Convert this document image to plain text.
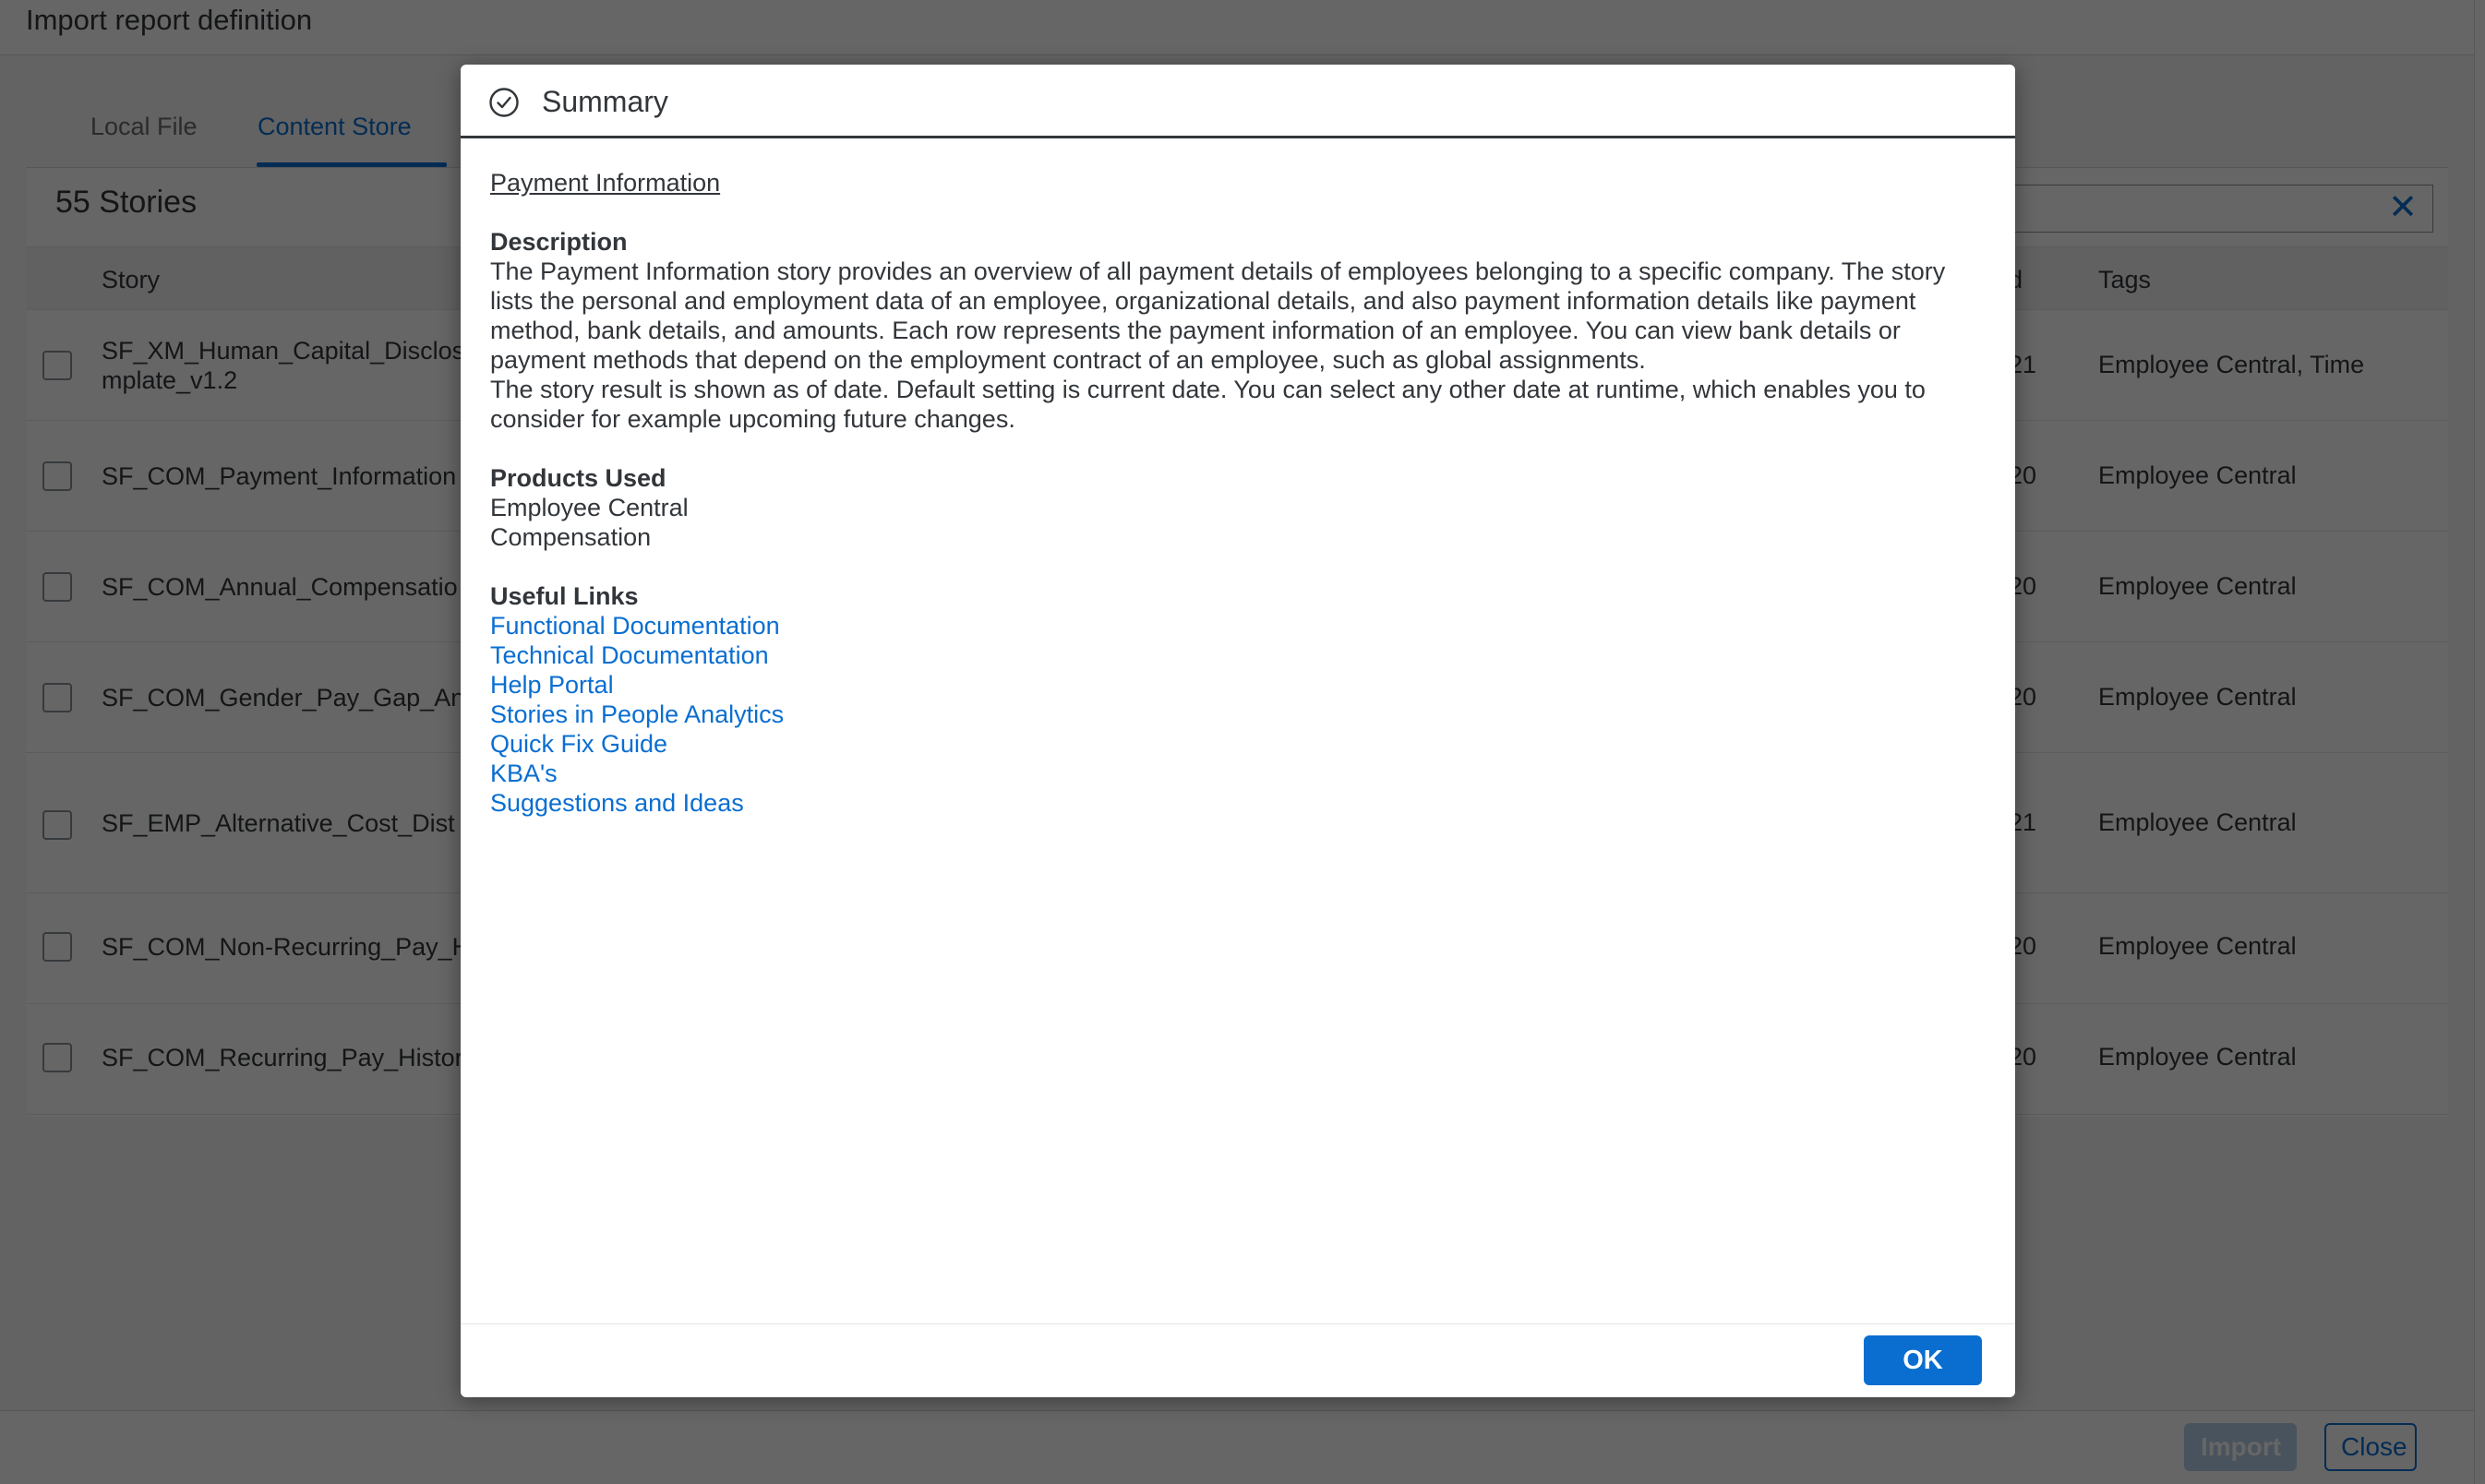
Summary
Payment Information
Description
The Payment Information story provides an overview of all payment details of employees belonging to a specific company. The story lists the personal and employment data of an employee, organizational details, and also payment information details like payment method, bank details, and amounts. Each row represents the payment information of an employee. You can view bank details or payment methods that depend on the employment contract of an employee, such as global assignments.
The story result is shown as of date. Default setting is current date. You can select any other date at runtime, which enables you to consider for example upcoming future changes.
Products Used
Employee Central
Compensation
Useful Links
Functional Documentation
Technical Documentation
Help Portal
Stories in People Analytics
Quick Fix Guide
KBA's
Suggestions and Ideas
OK
